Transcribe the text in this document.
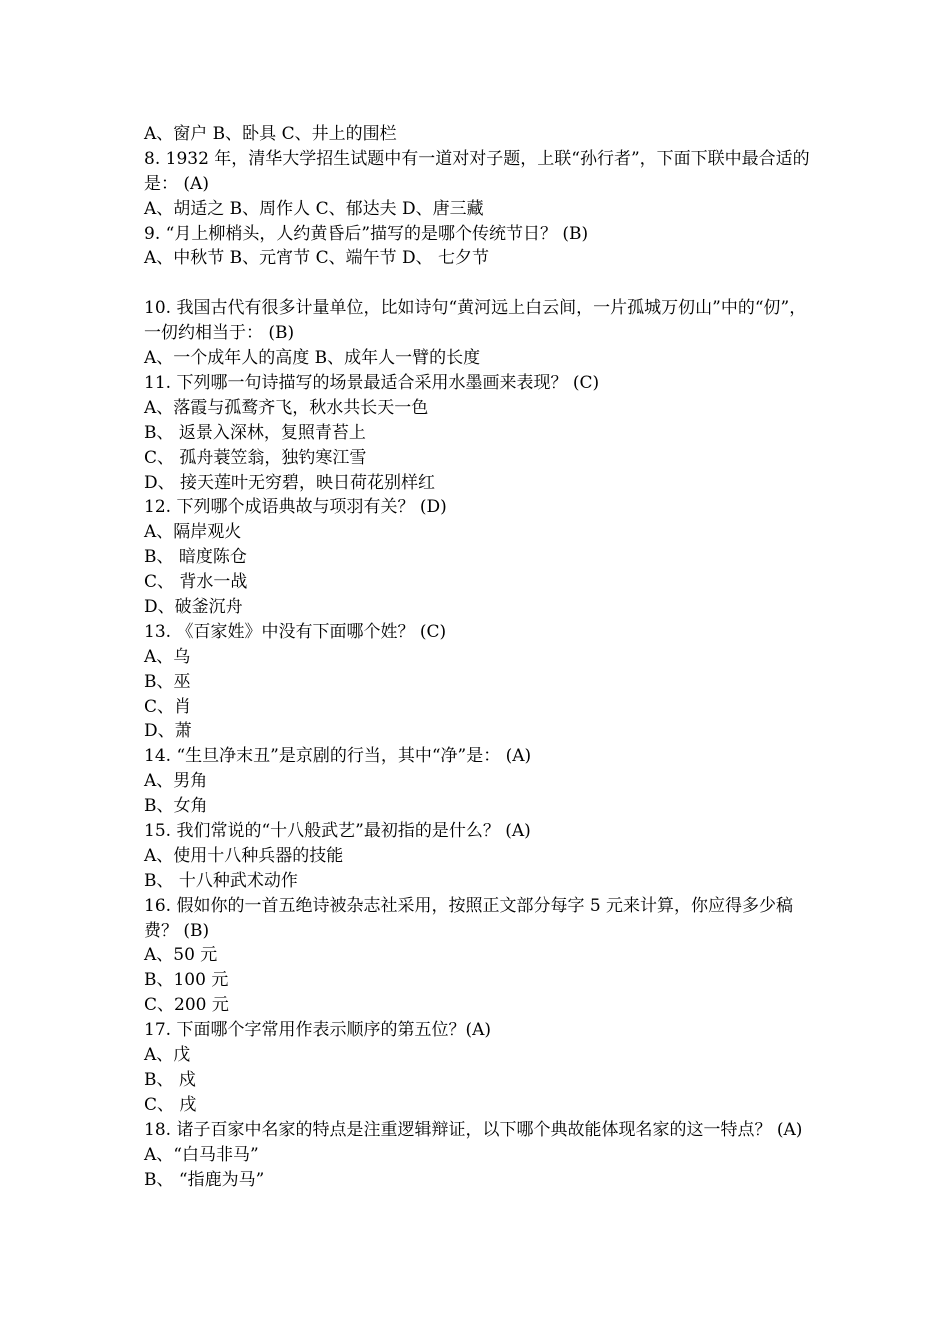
A、窗户 B、卧具 C、井上的围栏
8. 1932 年，清华大学招生试题中有一道对对子题，上联“孙行者”，下面下联中最合适的是： (A)
A、胡适之 B、周作人 C、郁达夫 D、唐三藏
9. “月上柳梢头，人约黄昏后”描写的是哪个传统节日？ (B)
A、中秋节 B、元宵节 C、端午节 D、 七夕节
10. 我国古代有很多计量单位，比如诗句“黄河远上白云间，一片孤城万仞山”中的“仞”，一仞约相当于： (B)
A、一个成年人的高度 B、成年人一臂的长度
11. 下列哪一句诗描写的场景最适合采用水墨画来表现？ (C)
A、落霞与孤鹜齐飞，秋水共长天一色
B、 返景入深林，复照青苔上
C、 孤舟蓑笠翁，独钓寒江雪
D、 接天莲叶无穷碧，映日荷花别样红
12. 下列哪个成语典故与项羽有关？ (D)
A、隔岸观火
B、 暗度陈仓
C、 背水一战
D、破釜沉舟
13. 《百家姓》中没有下面哪个姓？ (C)
A、乌
B、巫
C、肖
D、萧
14. “生旦净末丑”是京剧的行当，其中“净”是： (A)
A、男角
B、女角
15. 我们常说的“十八般武艺”最初指的是什么？ (A)
A、使用十八种兵器的技能
B、 十八种武术动作
16. 假如你的一首五绝诗被杂志社采用，按照正文部分每字 5 元来计算，你应得多少稿费？ (B)
A、50 元
B、100 元
C、200 元
17. 下面哪个字常用作表示顺序的第五位？(A)
A、戊
B、 戍
C、 戌
18. 诸子百家中名家的特点是注重逻辑辩证，以下哪个典故能体现名家的这一特点？ (A)
A、“白马非马”
B、 “指鹿为马”
